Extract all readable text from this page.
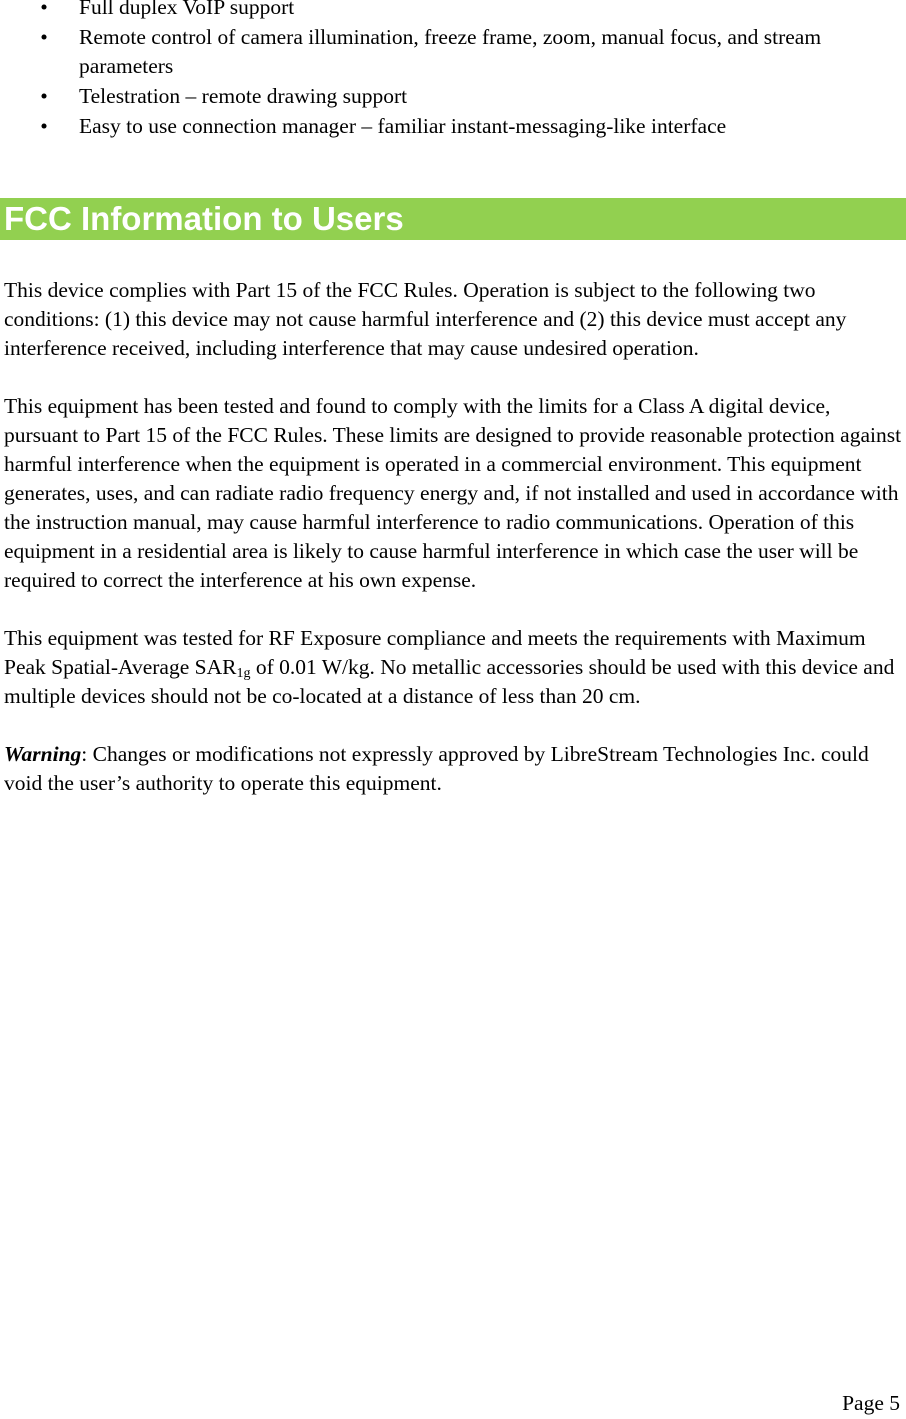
• Full duplex VoIP support
• Remote control of camera illumination, freeze frame, zoom, manual focus, and stream parameters
• Telestration – remote drawing support
• Easy to use connection manager – familiar instant-messaging-like interface
FCC Information to Users

This device complies with Part 15 of the FCC Rules. Operation is subject to the following two conditions: (1) this device may not cause harmful interference and (2) this device must accept any interference received, including interference that may cause undesired operation.

This equipment has been tested and found to comply with the limits for a Class A digital device, pursuant to Part 15 of the FCC Rules. These limits are designed to provide reasonable protection against harmful interference when the equipment is operated in a commercial environment. This equipment generates, uses, and can radiate radio frequency energy and, if not installed and used in accordance with the instruction manual, may cause harmful interference to radio communications. Operation of this equipment in a residential area is likely to cause harmful interference in which case the user will be required to correct the interference at his own expense.

This equipment was tested for RF Exposure compliance and meets the requirements with Maximum Peak Spatial-Average $SAR_{1g}$ of 0.01 W/kg. No metallic accessories should be used with this device and multiple devices should not be co-located at a distance of less than 20 cm.

Warning: Changes or modifications not expressly approved by LibreStream Technologies Inc. could void the user’s authority to operate this equipment.

Page 5
